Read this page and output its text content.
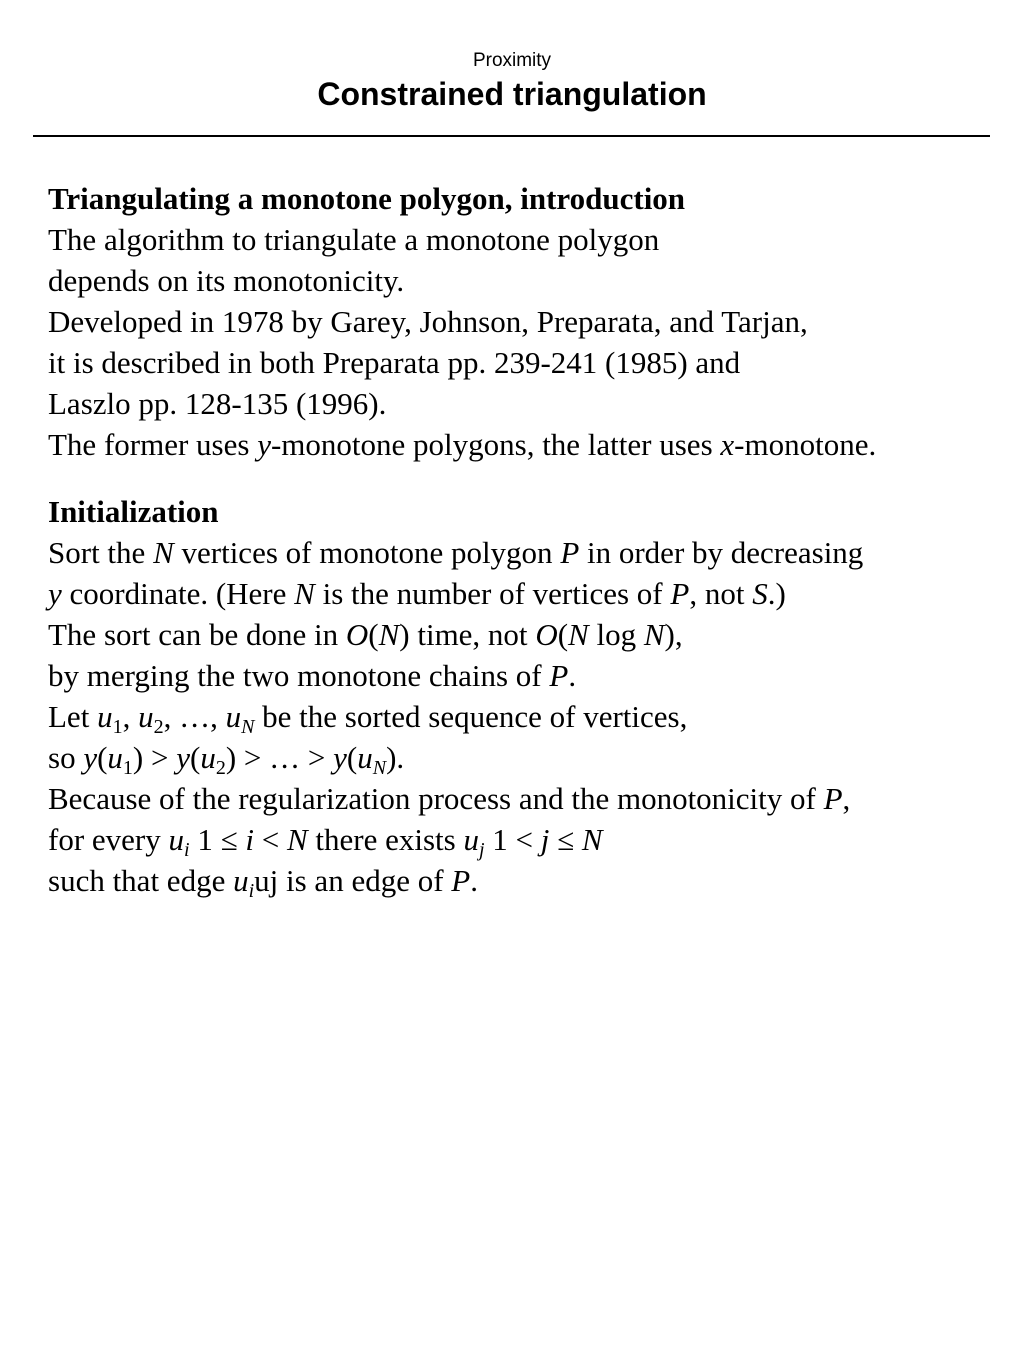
Proximity
Constrained triangulation
Triangulating a monotone polygon, introduction
The algorithm to triangulate a monotone polygon
depends on its monotonicity.
Developed in 1978 by Garey, Johnson, Preparata, and Tarjan,
it is described in both Preparata pp. 239-241 (1985) and
Laszlo pp. 128-135 (1996).
The former uses y-monotone polygons, the latter uses x-monotone.
Initialization
Sort the N vertices of monotone polygon P in order by decreasing
y coordinate. (Here N is the number of vertices of P, not S.)
The sort can be done in O(N) time, not O(N log N),
by merging the two monotone chains of P.
Let $u_1$, $u_2$, …, $u_N$ be the sorted sequence of vertices,
so $y(u_1) > y(u_2)$ > … > $y(u_N)$.
Because of the regularization process and the monotonicity of P,
for every $u_i$ 1 ≤ i < N there exists $u_j$ 1 < j ≤ N
such that edge $u_iuj$ is an edge of P.
